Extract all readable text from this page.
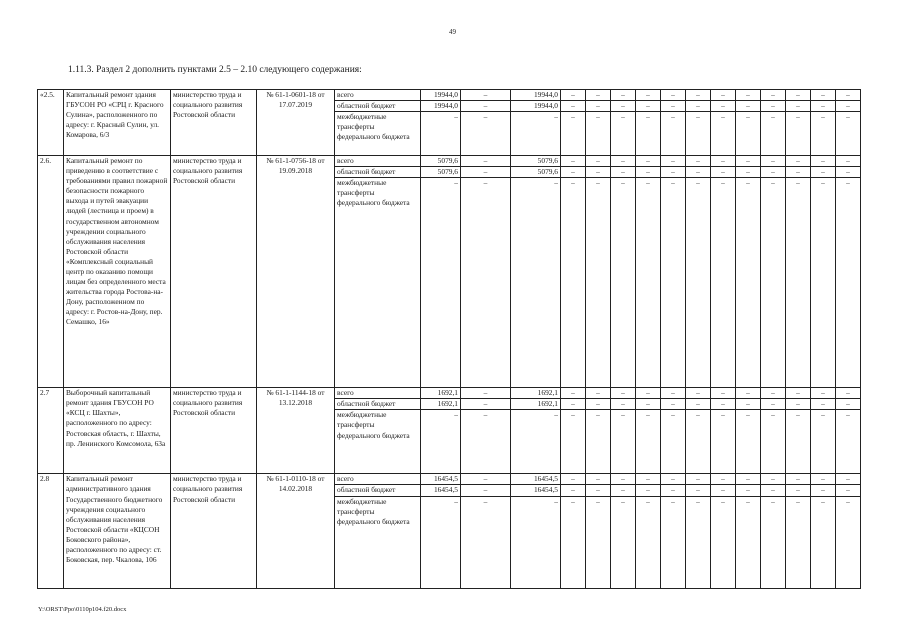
49
1.11.3. Раздел 2 дополнить пунктами 2.5 – 2.10 следующего содержания:
«2.5.	Капитальный ремонт здания ГБУСОН РО «СРЦ г. Красного Сулина», расположенного по адресу: г. Красный Сулин, ул. Комарова, 6/3	министерство труда и социального развития Ростовской области	№ 61-1-0601-18 от 17.07.2019	всего	19944,0	–	19944,0	–	–	–	–	–	–	–	–	–	–	–	–
				областной бюджет	19944,0	–	19944,0	–	–	–	–	–	–	–	–	–	–	–	–
				межбюджетные трансферты федерального бюджета	–	–	–	–	–	–	–	–	–	–	–	–	–	–	–
2.6.	Капитальный ремонт по приведению в соответствие с требованиями правил пожарной безопасности пожарного выхода и путей эвакуации людей (лестница и проем) в государственном автономном учреждении социального обслуживания населения Ростовской области «Комплексный социальный центр по оказанию помощи лицам без определенного места жительства города Ростова-на-Дону, расположенном по адресу: г. Ростов-на-Дону, пер. Семашко, 16»	министерство труда и социального развития Ростовской области	№ 61-1-0756-18 от 19.09.2018	всего	5079,6	–	5079,6	–	–	–	–	–	–	–	–	–	–	–	–
				областной бюджет	5079,6	–	5079,6	–	–	–	–	–	–	–	–	–	–	–	–
				межбюджетные трансферты федерального бюджета	–	–	–	–	–	–	–	–	–	–	–	–	–	–	–
2.7	Выборочный капитальный ремонт здания ГБУСОН РО «КСЦ г. Шахты», расположенного по адресу: Ростовская область, г. Шахты, пр. Ленинского Комсомола, 63а	министерство труда и социального развития Ростовской области	№ 61-1-1144-18 от 13.12.2018	всего	1692,1	–	1692,1	–	–	–	–	–	–	–	–	–	–	–	–
				областной бюджет	1692,1	–	1692,1	–	–	–	–	–	–	–	–	–	–	–	–
				межбюджетные трансферты федерального бюджета	–	–	–	–	–	–	–	–	–	–	–	–	–	–	–
2.8	Капитальный ремонт административного здания Государственного бюджетного учреждения социального обслуживания населения Ростовской области «КЦСОН Боковского района», расположенного по адресу: ст. Боковская, пер. Чкалова, 106	министерство труда и социального развития Ростовской области	№ 61-1-0110-18 от 14.02.2018	всего	16454,5	–	16454,5	–	–	–	–	–	–	–	–	–	–	–	–
				областной бюджет	16454,5	–	16454,5	–	–	–	–	–	–	–	–	–	–	–	–
				межбюджетные трансферты федерального бюджета	–	–	–	–	–	–	–	–	–	–	–	–	–	–	–
Y:\ORST\Ppo\0110p104.f20.docx
